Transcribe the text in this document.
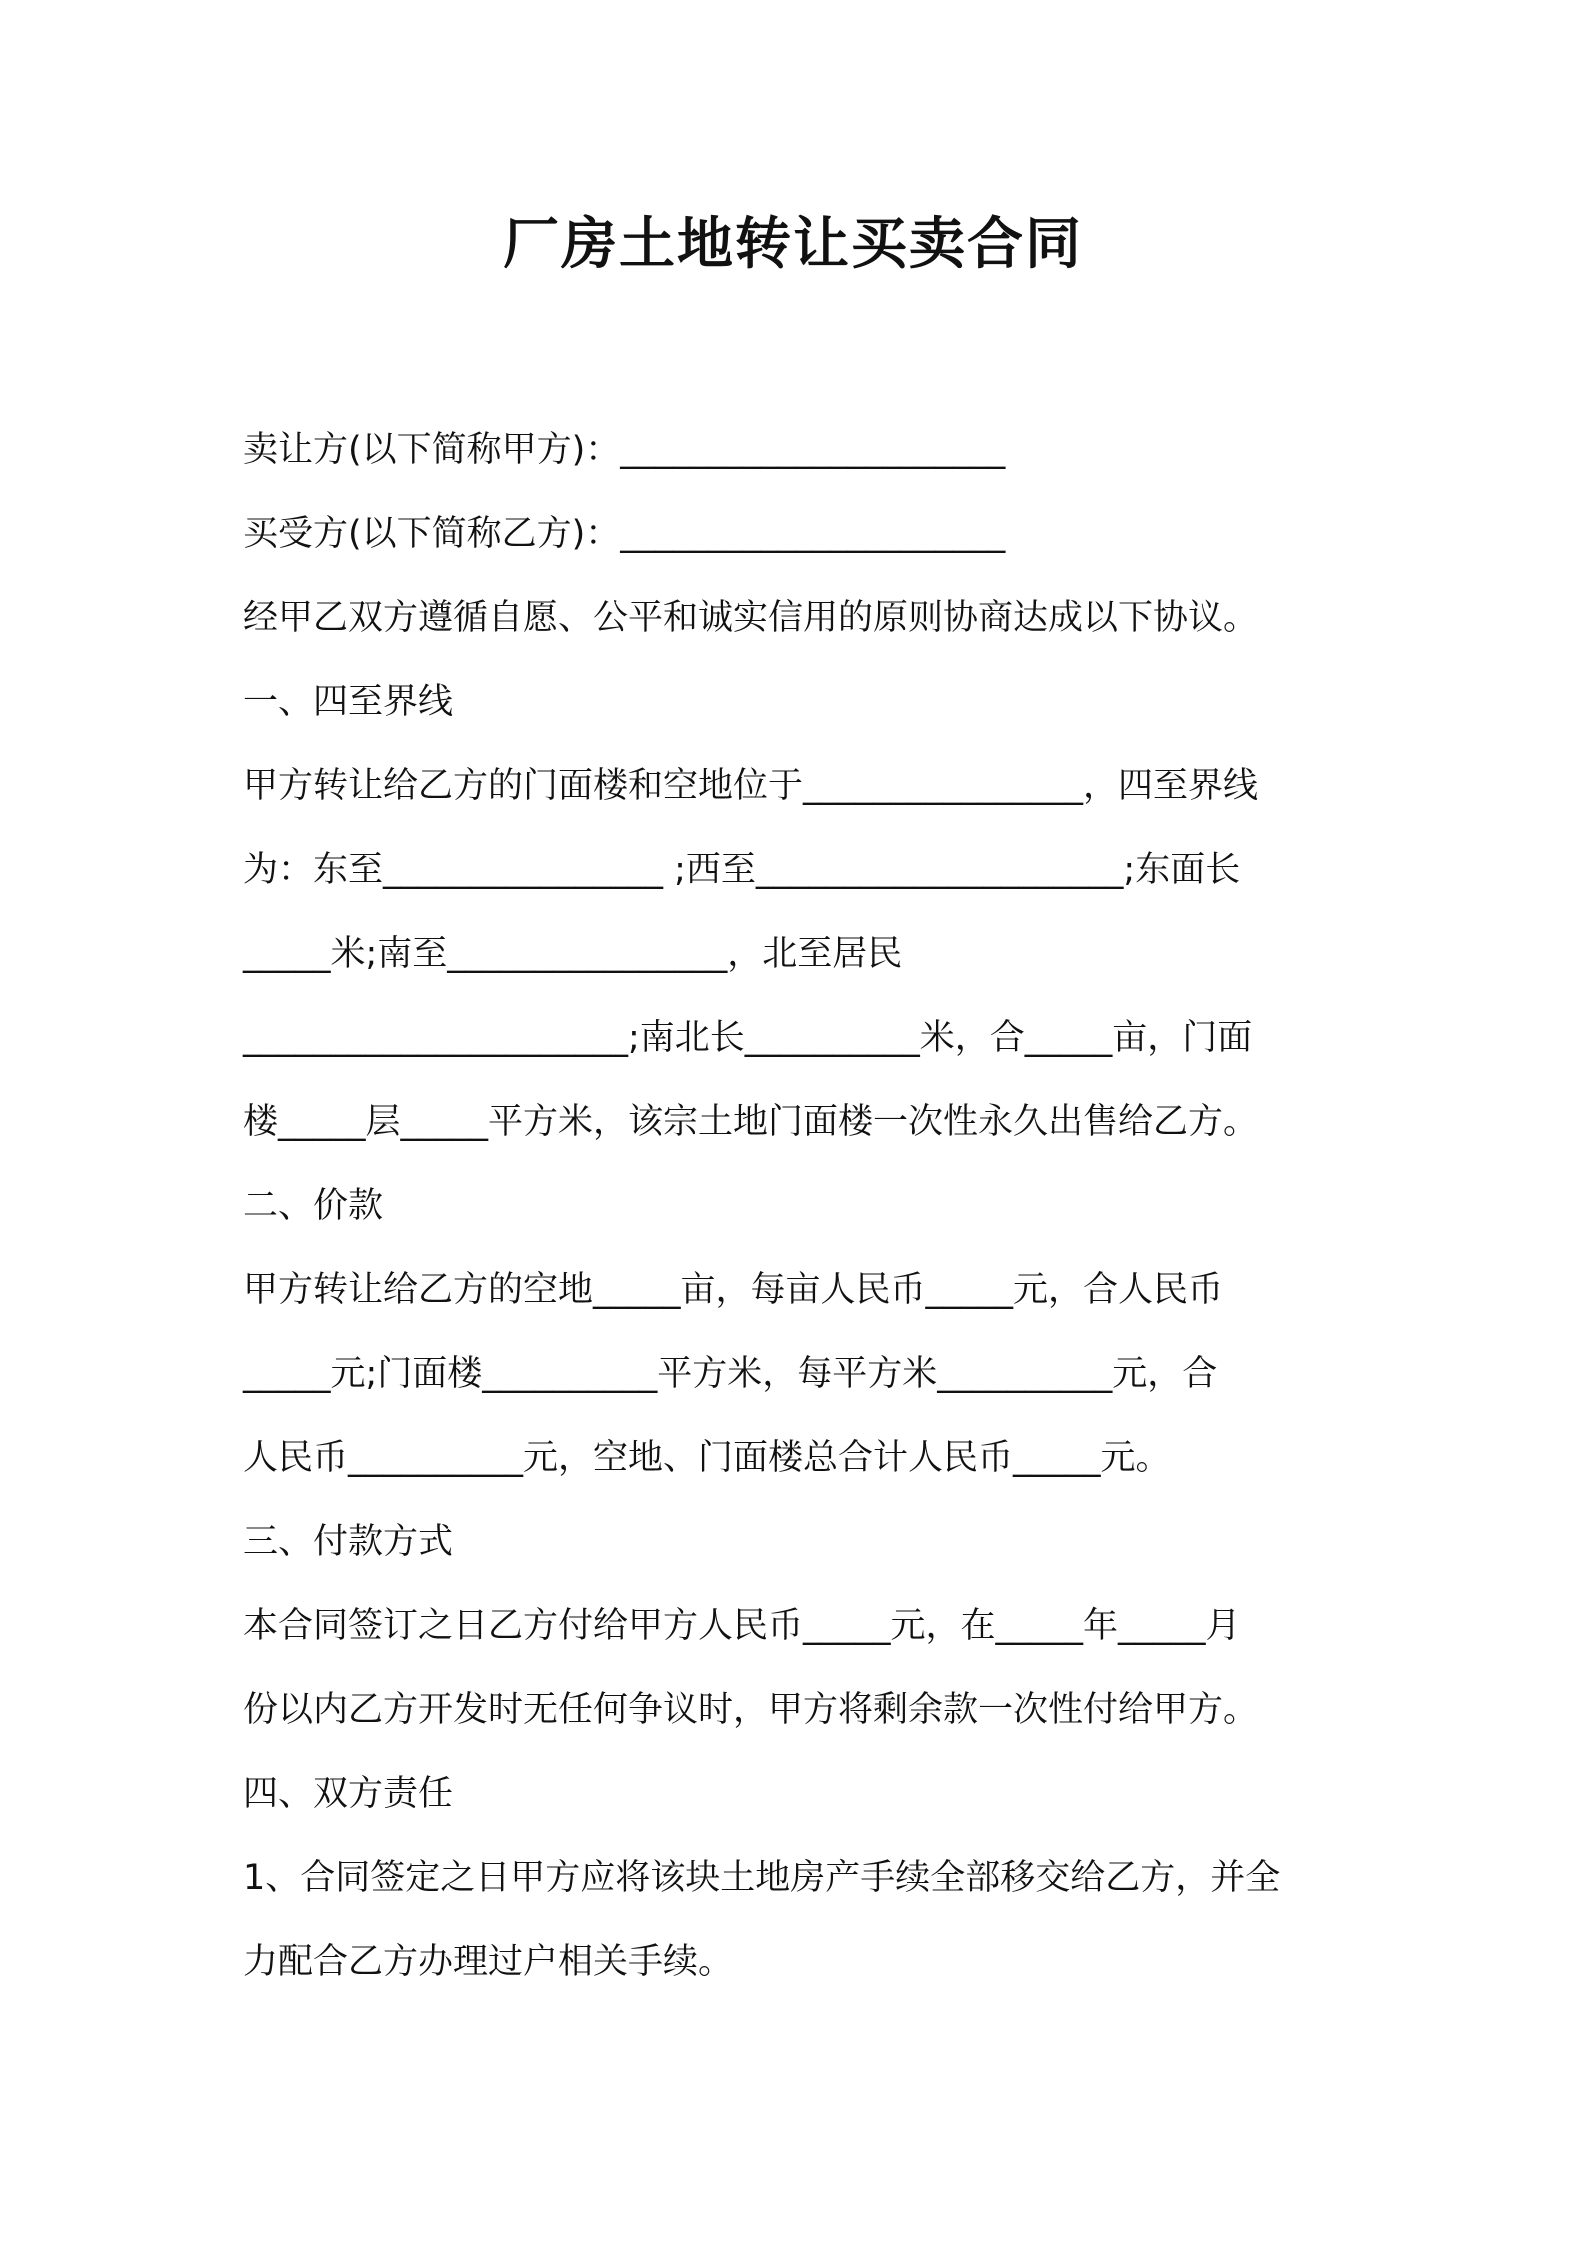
厂房土地转让买卖合同
卖让方(以下简称甲方)：______________________
买受方(以下简称乙方)：______________________
经甲乙双方遵循自愿、公平和诚实信用的原则协商达成以下协议。
一、四至界线
甲方转让给乙方的门面楼和空地位于________________，四至界线
为：东至________________ ;西至_____________________;东面长
_____米;南至________________，北至居民
______________________;南北长__________米，合_____亩，门面
楼_____层_____平方米，该宗土地门面楼一次性永久出售给乙方。
二、价款
甲方转让给乙方的空地_____亩，每亩人民币_____元，合人民币
_____元;门面楼__________平方米，每平方米__________元，合
人民币__________元，空地、门面楼总合计人民币_____元。
三、付款方式
本合同签订之日乙方付给甲方人民币_____元，在_____年_____月
份以内乙方开发时无任何争议时，甲方将剩余款一次性付给甲方。
四、双方责任
1、合同签定之日甲方应将该块土地房产手续全部移交给乙方，并全
力配合乙方办理过户相关手续。
